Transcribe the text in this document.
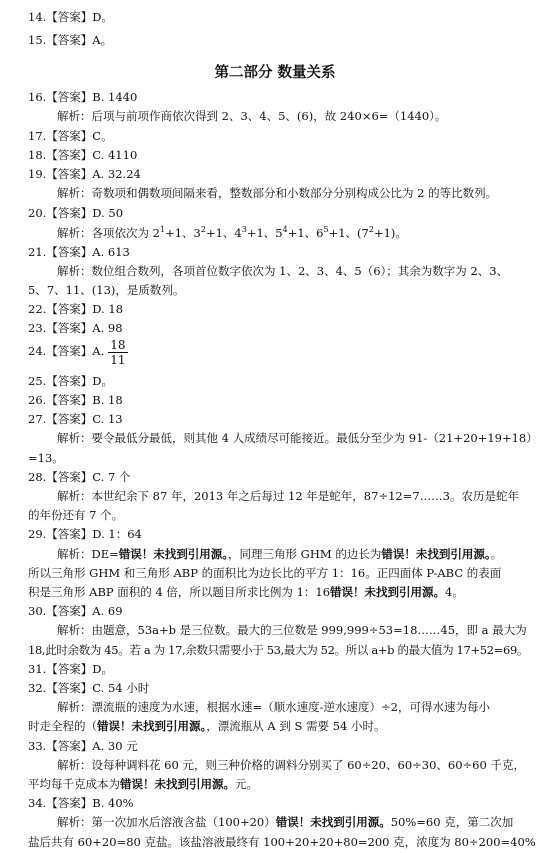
14.【答案】D。
15.【答案】A。
第二部分 数量关系
16.【答案】B. 1440
解析：后项与前项作商依次得到 2、3、4、5、(6)，故 240×6=（1440）。
17.【答案】C。
18.【答案】C. 4110
19.【答案】A. 32.24
解析：奇数项和偶数项间隔来看，整数部分和小数部分分别构成公比为 2 的等比数列。
20.【答案】D. 50
解析：各项依次为 $2^1+1$、$3^2+1$、$4^3+1$、$5^4+1$、$6^5+1$、$(7^2+1)$。
21.【答案】A. 613
解析：数位组合数列，各项首位数字依次为 1、2、3、4、5（6）；其余为数字为 2、3、
5、7、11、(13)，是质数列。
22.【答案】D. 18
23.【答案】A. 98
24.【答案】A. $\frac{18}{11}$
25.【答案】D。
26.【答案】B. 18
27.【答案】C. 13
解析：要令最低分最低，则其他 4 人成绩尽可能接近。最低分至少为 91-（21+20+19+18）
=13。
28.【答案】C. 7 个
解析：本世纪余下 87 年，2013 年之后每过 12 年是蛇年，87÷12=7……3。农历是蛇年
的年份还有 7 个。
29.【答案】D. 1：64
解析：DE=错误！未找到引用源。，同理三角形 GHM 的边长为错误！未找到引用源。。
所以三角形 GHM 和三角形 ABP 的面积比为边长比的平方 1：16。正四面体 P-ABC 的表面
积是三角形 ABP 面积的 4 倍，所以题目所求比例为 1：16错误！未找到引用源。4。
30.【答案】A. 69
解析：由题意，53a+b 是三位数。最大的三位数是 999,999÷53=18……45，即 a 最大为
18,此时余数为 45。若 a 为 17,余数只需要小于 53,最大为 52。所以 a+b 的最大值为 17+52=69。
31.【答案】D。
32.【答案】C. 54 小时
解析：漂流瓶的速度为水速，根据水速=（顺水速度-逆水速度）÷2，可得水速为每小
时走全程的（错误！未找到引用源。，漂流瓶从 A 到 S 需要 54 小时。
33.【答案】A. 30 元
解析：设每种调料花 60 元，则三种价格的调料分别买了 60÷20、60÷30、60÷60 千克，
平均每千克成本为错误！未找到引用源。元。
34.【答案】B. 40%
解析：第一次加水后溶液含盐（100+20）错误！未找到引用源。50%=60 克，第二次加
盐后共有 60+20=80 克盐。该盐溶液最终有 100+20+20+80=200 克，浓度为 80÷200=40%
